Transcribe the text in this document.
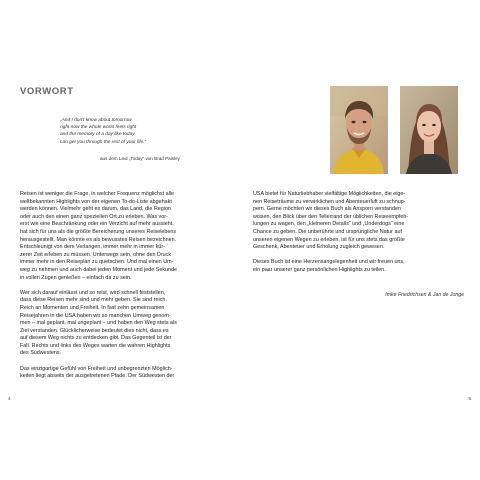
VORWORT
„And I don't know about tomorrow
right now the whole world feels right
and the memory of a day like today
can get you through the rest of your life.“
aus dem Lied „Today“ von Brad Paisley
Reisen ist weniger die Frage, in welcher Frequenz möglichst alle
weltbekannten Highlights von der eigenen To-do-Liste abgehakt
werden können. Vielmehr geht es darum, das Land, die Region
oder auch den einen ganz speziellen Ort zu erleben. Was vor-
erst wie eine Beschränkung oder ein Verzicht auf mehr aussieht,
hat sich für uns als die größte Bereicherung unseres Reiselebens
herausgestellt. Man könnte es als bewusstes Reisen bezeichnen.
Entschleunigt von dem Verlangen, immer mehr in immer kür-
zerer Zeit erleben zu müssen. Unterwegs sein, ohne den Druck
immer mehr in den Reiseplan zu quetschen. Und mal einen Um-
weg zu nehmen und auch dabei jeden Moment und jede Sekunde
in vollen Zügen genießen – einfach da zu sein.
Wer sich darauf einlässt und so reist, wird schnell feststellen,
dass diese Reisen mehr sind und mehr geben. Sie sind reich.
Reich an Momenten und Freiheit. In fast zehn gemeinsamen
Reisejahren in die USA haben wir so manchen Umweg genom-
men – mal geplant, mal ungeplant – und haben den Weg stets als
Ziel verstanden. Glücklicherweise bedeutet dies nicht, dass es
auf diesem Weg nichts zu entdecken gibt. Das Gegenteil ist der
Fall. Rechts und links des Weges warten die wahren Highlights
des Südwestens.
Das einzigartige Gefühl von Freiheit und unbegrenzten Möglich-
keiten liegt abseits der ausgetretenen Pfade. Der Südwesten der
4
USA bietet für Naturliebhaber vielfältige Möglichkeiten, die eige-
nen Reiseträume zu verwirklichen und Abenteuerluft zu schnup-
pern. Gerne möchten wir dieses Buch als Ansporn verstanden
wissen, den Blick über den Tellerrand der üblichen Reiseempfeh-
lungen zu wagen, den „kleineren Details“ und „Underdogs“ eine
Chance zu geben. Die unberührte und ursprüngliche Natur auf
unseren eigenen Wegen zu erleben, ist für uns stets das größte
Geschenk, Abenteuer und Erholung zugleich gewesen.
Dieses Buch ist eine Herzensangelegenheit und wir freuen uns,
ein paar unserer ganz persönlichen Highlights zu teilen.
Imke Friedrichsen & Jan de Jonge
5
